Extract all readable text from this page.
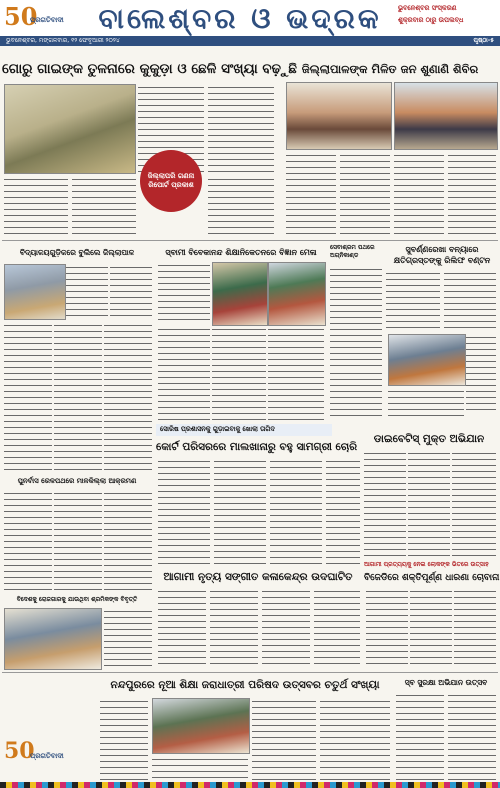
50
ପ୍ରଗତିବାଦୀ	ବାଲେଶ୍ବର ଓ ଭଦ୍ରକ	ଭୁବନେଶ୍ବର ସଂସ୍କରଣ
ଶୁକ୍ରବାର ଠାରୁ ଉପଲବ୍ଧ
ଭୁବନେଶ୍ବର, ମଙ୍ଗଳବାର, ୧୨ ଫେବୃଆରୀ ୨୦୨୪	ପୃଷ୍ଠା-୫
ଗୋରୁ ଗାଇଙ୍କ ତୁଳନାରେ କୁକୁଡ଼ା ଓ ଛେଳି ସଂଖ୍ୟା ବଢ଼ୁଛି
ଜିଲ୍ଲାପରି ଗଣନା ରିପୋର୍ଟ ପ୍ରକାଶ
ଜିଲ୍ଲାପାଳଙ୍କ ମିଳିତ ଜନ ଶୁଣାଣି ଶିବିର
ବିଦ୍ୟାଳୟଗୁଡ଼ିକରେ ବୁଲିଲେ ଜିଲ୍ଲାପାଳ	ସ୍ବାମୀ ବିବେକାନନ୍ଦ ଶିକ୍ଷାନିକେତନରେ ବିଜ୍ଞାନ ମେଳା
ସେବାଶ୍ରମ ପଥରେ ଅଗ୍ନିକାଣ୍ଡ
ସୁବର୍ଣ୍ଣରେଖା ବନ୍ୟାରେ କ୍ଷତିଗ୍ରସ୍ତଙ୍କୁ ରିଲିଫ ବଣ୍ଟନ
ସୋରିଷ ପ୍ରଶାସନକୁ ଗୁଡ଼ାଇବାକୁ ଖୋଲା ତାଗିଦ
କୋର୍ଟ ପରିସରରେ ମାଲଖାନାରୁ ବହୁ ସାମଗ୍ରୀ ଚୋରି
ଡାଇବେଟିସ୍ ମୁକ୍ତ ଅଭିଯାନ
ପୁନର୍ବାସ ରେଳପଥରେ ମାଳକିଲ୍ଲା ଆକ୍ରମଣ
ଆଗାମୀ ପ୍ରତ୍ୟୟକୁ ନେଇ ଲୋକଙ୍କ ଭିତରେ ଉତ୍ସାହ
ବିଜେଡିରେ ଶକ୍ତିପୂର୍ଣ୍ଣ ଧାରଣା ଚୋବାନା
ଆଗାମୀ ନୃତ୍ୟ ସଙ୍ଗୀତ କଳାକେନ୍ଦ୍ର ଉଦଘାଟିତ
ବିଦେଶକୁ ରୋଜଗାରକୁ ଯାଉଥିବା ଶ୍ରମିକଙ୍କ ବିବୃତ୍ତି
ନନ୍ଦପୁରରେ ନୂଆ ଶିକ୍ଷା ଜରାଧାତ୍ରୀ ପରିଷଦ ଉତ୍ସବର ଚତୁର୍ଥ ସଂଖ୍ୟା	ସ୍ବ ସୁରକ୍ଷା ଅଭିଯାନ ଉତ୍ସବ
50
ପ୍ରଗତିବାଦୀ
